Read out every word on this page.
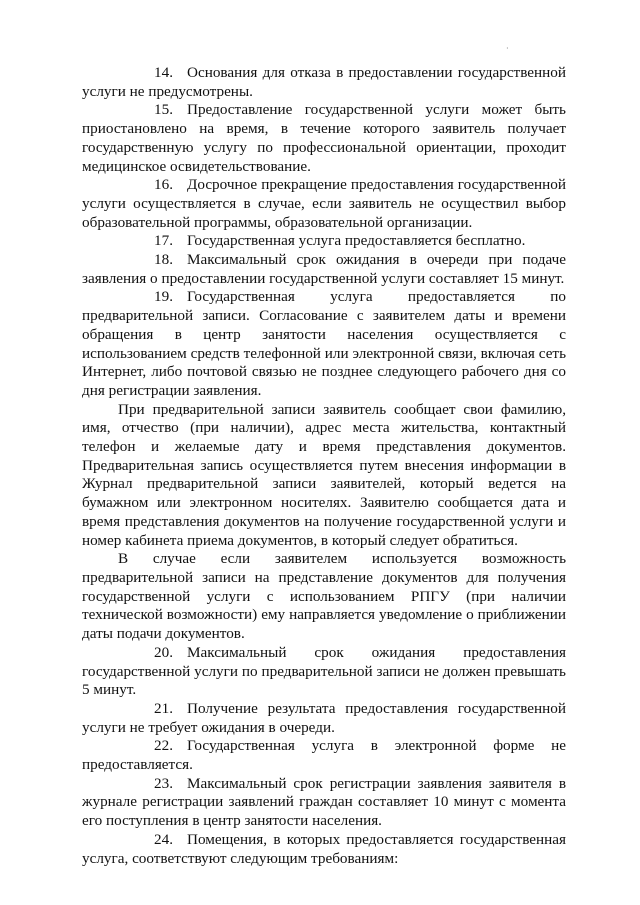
·

14. Основания для отказа в предоставлении государственной услуги не предусмотрены.

15. Предоставление государственной услуги может быть приостановлено на время, в течение которого заявитель получает государственную услугу по профессиональной ориентации, проходит медицинское освидетельствование.

16. Досрочное прекращение предоставления государственной услуги осуществляется в случае, если заявитель не осуществил выбор образовательной программы, образовательной организации.

17. Государственная услуга предоставляется бесплатно.

18. Максимальный срок ожидания в очереди при подаче заявления о предоставлении государственной услуги составляет 15 минут.

19. Государственная услуга предоставляется по предварительной записи. Согласование с заявителем даты и времени обращения в центр занятости населения осуществляется с использованием средств телефонной или электронной связи, включая сеть Интернет, либо почтовой связью не позднее следующего рабочего дня со дня регистрации заявления.

При предварительной записи заявитель сообщает свои фамилию, имя, отчество (при наличии), адрес места жительства, контактный телефон и желаемые дату и время представления документов. Предварительная запись осуществляется путем внесения информации в Журнал предварительной записи заявителей, который ведется на бумажном или электронном носителях. Заявителю сообщается дата и время представления документов на получение государственной услуги и номер кабинета приема документов, в который следует обратиться.

В случае если заявителем используется возможность предварительной записи на представление документов для получения государственной услуги с использованием РПГУ (при наличии технической возможности) ему направляется уведомление о приближении даты подачи документов.

20. Максимальный срок ожидания предоставления государственной услуги по предварительной записи не должен превышать 5 минут.

21. Получение результата предоставления государственной услуги не требует ожидания в очереди.

22. Государственная услуга в электронной форме не предоставляется.

23. Максимальный срок регистрации заявления заявителя в журнале регистрации заявлений граждан составляет 10 минут с момента его поступления в центр занятости населения.

24. Помещения, в которых предоставляется государственная услуга, соответствуют следующим требованиям:
